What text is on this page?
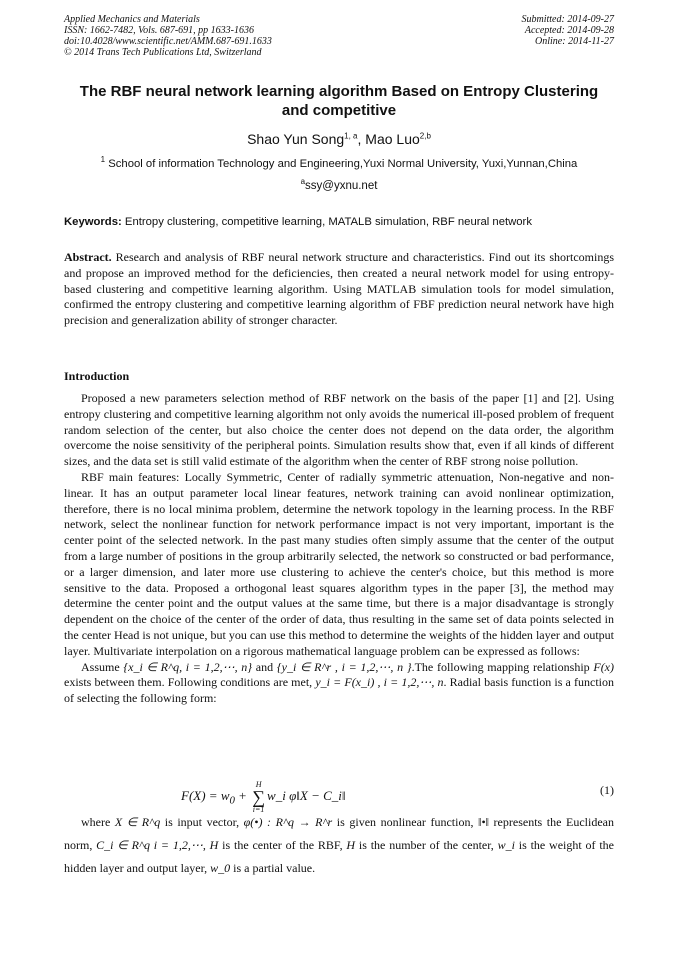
Applied Mechanics and Materials
ISSN: 1662-7482, Vols. 687-691, pp 1633-1636
doi:10.4028/www.scientific.net/AMM.687-691.1633
© 2014 Trans Tech Publications Ltd, Switzerland
Submitted: 2014-09-27
Accepted: 2014-09-28
Online: 2014-11-27
The RBF neural network learning algorithm Based on Entropy Clustering
and competitive
Shao Yun Song$^{1, a}$, Mao Luo$^{2,b}$
$^1$ School of information Technology and Engineering,Yuxi Normal University, Yuxi,Yunnan,China
$^a$ssy@yxnu.net
Keywords: Entropy clustering, competitive learning, MATALB simulation, RBF neural network
Abstract. Research and analysis of RBF neural network structure and characteristics. Find out its shortcomings and propose an improved method for the deficiencies, then created a neural network model for using entropy-based clustering and competitive learning algorithm. Using MATLAB simulation tools for model simulation, confirmed the entropy clustering and competitive learning algorithm of FBF prediction neural network have high precision and generalization ability of stronger character.
Introduction

Proposed a new parameters selection method of RBF network on the basis of the paper [1] and [2]. Using entropy clustering and competitive learning algorithm not only avoids the numerical ill-posed problem of frequent random selection of the center, but also choice the center does not depend on the data order, the algorithm overcome the noise sensitivity of the peripheral points. Simulation results show that, even if all kinds of different sizes, and the data set is still valid estimate of the algorithm when the center of RBF strong noise pollution.

RBF main features: Locally Symmetric, Center of radially symmetric attenuation, Non-negative and non-linear. It has an output parameter local linear features, network training can avoid nonlinear optimization, therefore, there is no local minima problem, determine the network topology in the learning process. In the RBF network, select the nonlinear function for network performance impact is not very important, important is the center point of the selected network. In the past many studies often simply assume that the center of the output from a large number of positions in the group arbitrarily selected, the network so constructed or bad performance, or a larger dimension, and later more use clustering to achieve the center's choice, but this method is more sensitive to the data. Proposed a orthogonal least squares algorithm types in the paper [3], the method may determine the center point and the output values at the same time, but there is a major disadvantage is strongly dependent on the choice of the center of the order of data, thus resulting in the same set of data points selected in the center Head is not unique, but you can use this method to determine the weights of the hidden layer and output layer. Multivariate interpolation on a rigorous mathematical language problem can be expressed as follows:

Assume {x_i ∈ R^q, i = 1,2,⋯, n} and {y_i ∈ R^r , i = 1,2,⋯, n }.The following mapping relationship F(x) exists between them. Following conditions are met, y_i = F(x_i) , i = 1,2,⋯, n. Radial basis function is a function of selecting the following form:

$F(X) = w_0$ +
H
∑
i=1
w_i φ‖X − C_i‖	(1)

where X ∈ R^q is input vector, φ(•) : R^q → R^r is given nonlinear function, ‖•‖ represents the Euclidean norm, C_i ∈ R^q i = 1,2,⋯, H is the center of the RBF, H is the number of the center, w_i is the weight of the hidden layer and output layer, w_0 is a partial value.
